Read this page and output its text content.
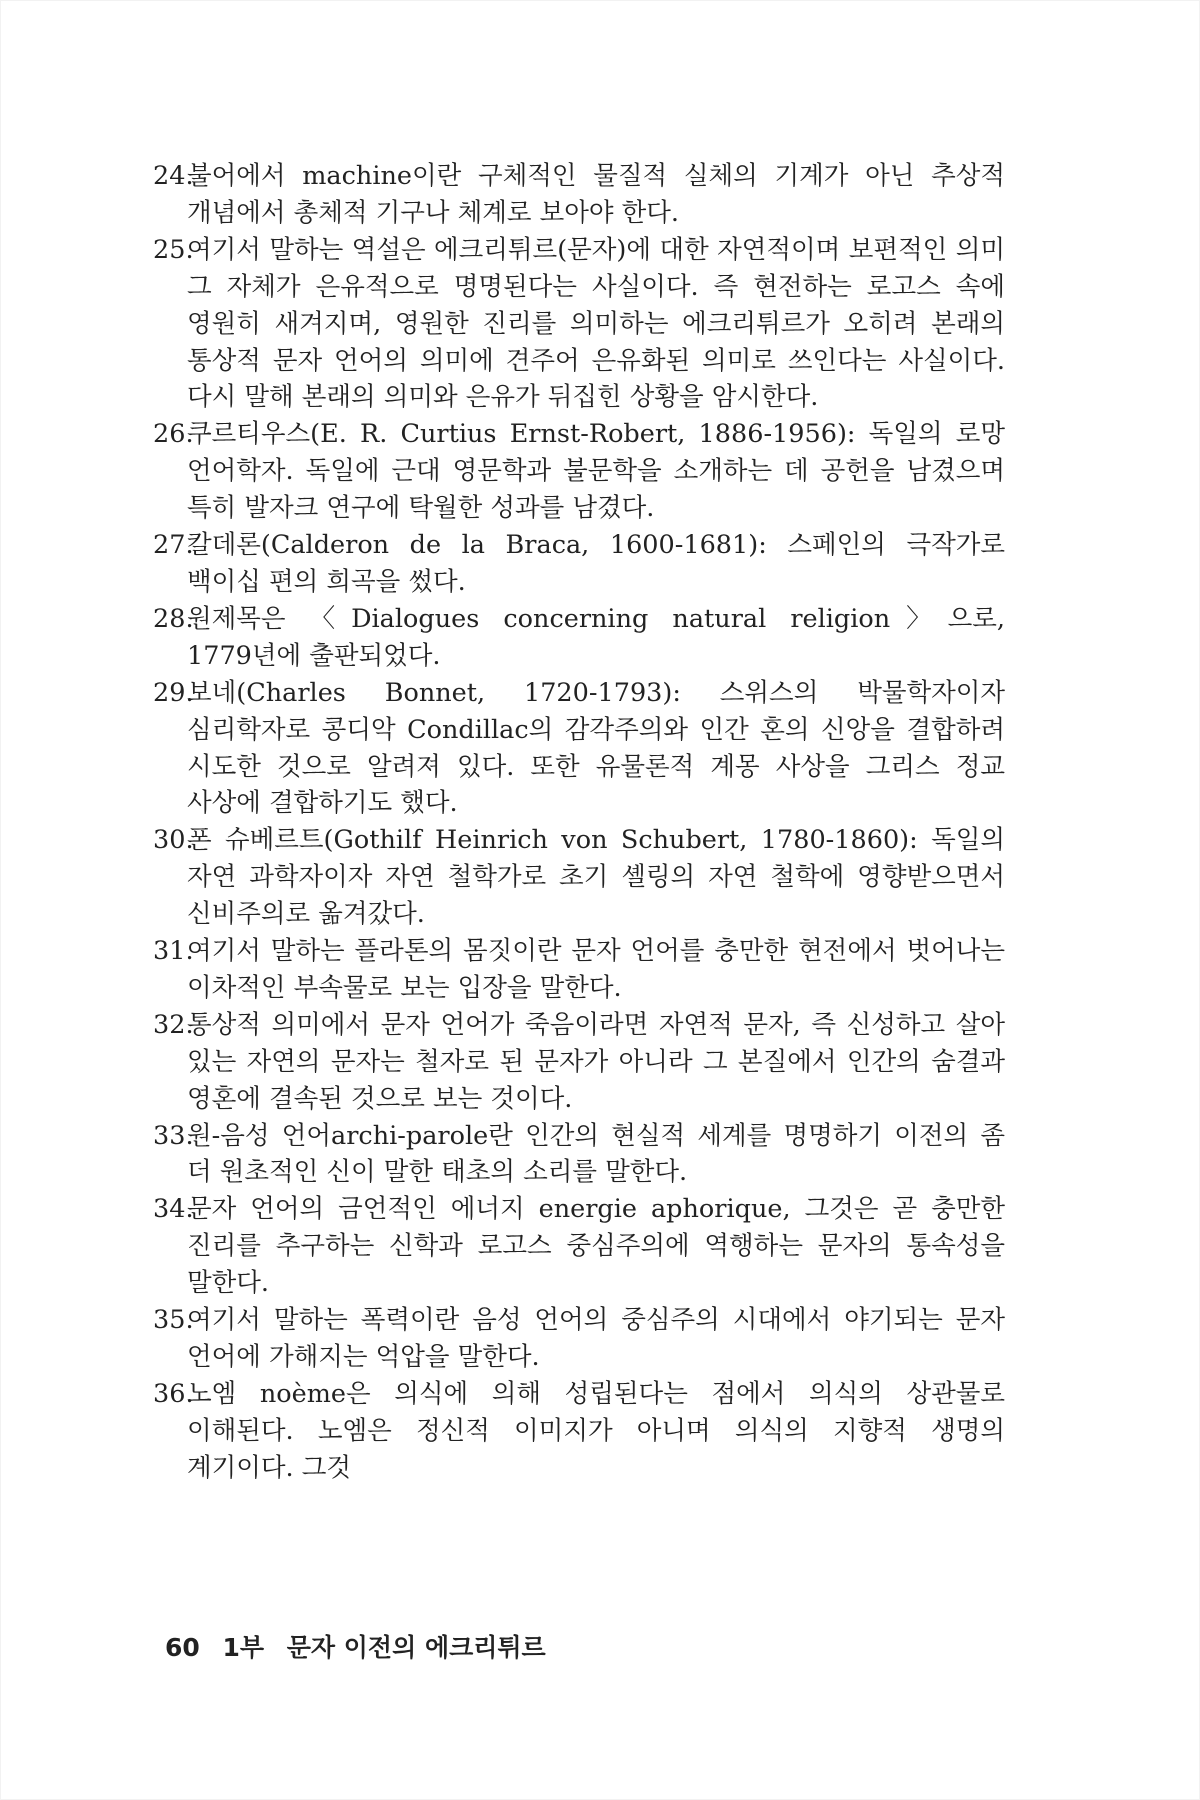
24.
불어에서 machine이란 구체적인 물질적 실체의 기계가 아닌 추상적 개념에서 총체적 기구나 체계로 보아야 한다.

25.
여기서 말하는 역설은 에크리튀르(문자)에 대한 자연적이며 보편적인 의미 그 자체가 은유적으로 명명된다는 사실이다. 즉 현전하는 로고스 속에 영원히 새겨지며, 영원한 진리를 의미하는 에크리튀르가 오히려 본래의 통상적 문자 언어의 의미에 견주어 은유화된 의미로 쓰인다는 사실이다. 다시 말해 본래의 의미와 은유가 뒤집힌 상황을 암시한다.

26.
쿠르티우스(E. R. Curtius Ernst-Robert, 1886-1956): 독일의 로망 언어학자. 독일에 근대 영문학과 불문학을 소개하는 데 공헌을 남겼으며 특히 발자크 연구에 탁월한 성과를 남겼다.

27.
칼데론(Calderon de la Braca, 1600-1681): 스페인의 극작가로 백이십 편의 희곡을 썼다.

28.
원제목은 〈Dialogues concerning natural religion〉으로, 1779년에 출판되었다.

29.
보네(Charles Bonnet, 1720-1793): 스위스의 박물학자이자 심리학자로 콩디악 Condillac의 감각주의와 인간 혼의 신앙을 결합하려 시도한 것으로 알려져 있다. 또한 유물론적 계몽 사상을 그리스 정교 사상에 결합하기도 했다.

30.
폰 슈베르트(Gothilf Heinrich von Schubert, 1780-1860): 독일의 자연 과학자이자 자연 철학가로 초기 셸링의 자연 철학에 영향받으면서 신비주의로 옮겨갔다.

31.
여기서 말하는 플라톤의 몸짓이란 문자 언어를 충만한 현전에서 벗어나는 이차적인 부속물로 보는 입장을 말한다.

32.
통상적 의미에서 문자 언어가 죽음이라면 자연적 문자, 즉 신성하고 살아 있는 자연의 문자는 철자로 된 문자가 아니라 그 본질에서 인간의 숨결과 영혼에 결속된 것으로 보는 것이다.

33.
원-음성 언어archi-parole란 인간의 현실적 세계를 명명하기 이전의 좀 더 원초적인 신이 말한 태초의 소리를 말한다.

34.
문자 언어의 금언적인 에너지 energie aphorique, 그것은 곧 충만한 진리를 추구하는 신학과 로고스 중심주의에 역행하는 문자의 통속성을 말한다.

35.
여기서 말하는 폭력이란 음성 언어의 중심주의 시대에서 야기되는 문자 언어에 가해지는 억압을 말한다.

36.
노엠 noème은 의식에 의해 성립된다는 점에서 의식의 상관물로 이해된다. 노엠은 정신적 이미지가 아니며 의식의 지향적 생명의 계기이다. 그것

60 1부 문자 이전의 에크리튀르
